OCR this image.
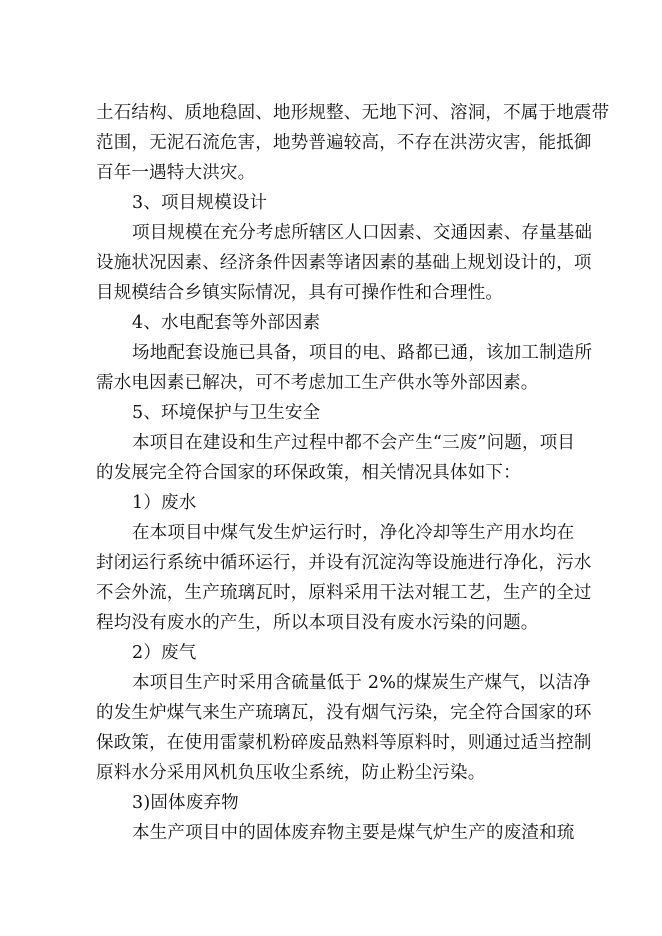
土石结构、质地稳固、地形规整、无地下河、溶洞，不属于地震带
范围，无泥石流危害，地势普遍较高，不存在洪涝灾害，能抵御
百年一遇特大洪灾。
3、项目规模设计
项目规模在充分考虑所辖区人口因素、交通因素、存量基础
设施状况因素、经济条件因素等诸因素的基础上规划设计的，项
目规模结合乡镇实际情况，具有可操作性和合理性。
4、水电配套等外部因素
场地配套设施已具备，项目的电、路都已通，该加工制造所
需水电因素已解决，可不考虑加工生产供水等外部因素。
5、环境保护与卫生安全
本项目在建设和生产过程中都不会产生“三废”问题，项目
的发展完全符合国家的环保政策，相关情况具体如下：
1）废水
在本项目中煤气发生炉运行时，净化冷却等生产用水均在
封闭运行系统中循环运行，并设有沉淀沟等设施进行净化，污水
不会外流，生产琉璃瓦时，原料采用干法对辊工艺，生产的全过
程均没有废水的产生，所以本项目没有废水污染的问题。
2）废气
本项目生产时采用含硫量低于 2%的煤炭生产煤气，以洁净
的发生炉煤气来生产琉璃瓦，没有烟气污染，完全符合国家的环
保政策，在使用雷蒙机粉碎废品熟料等原料时，则通过适当控制
原料水分采用风机负压收尘系统，防止粉尘污染。
3)固体废弃物
本生产项目中的固体废弃物主要是煤气炉生产的废渣和琉
